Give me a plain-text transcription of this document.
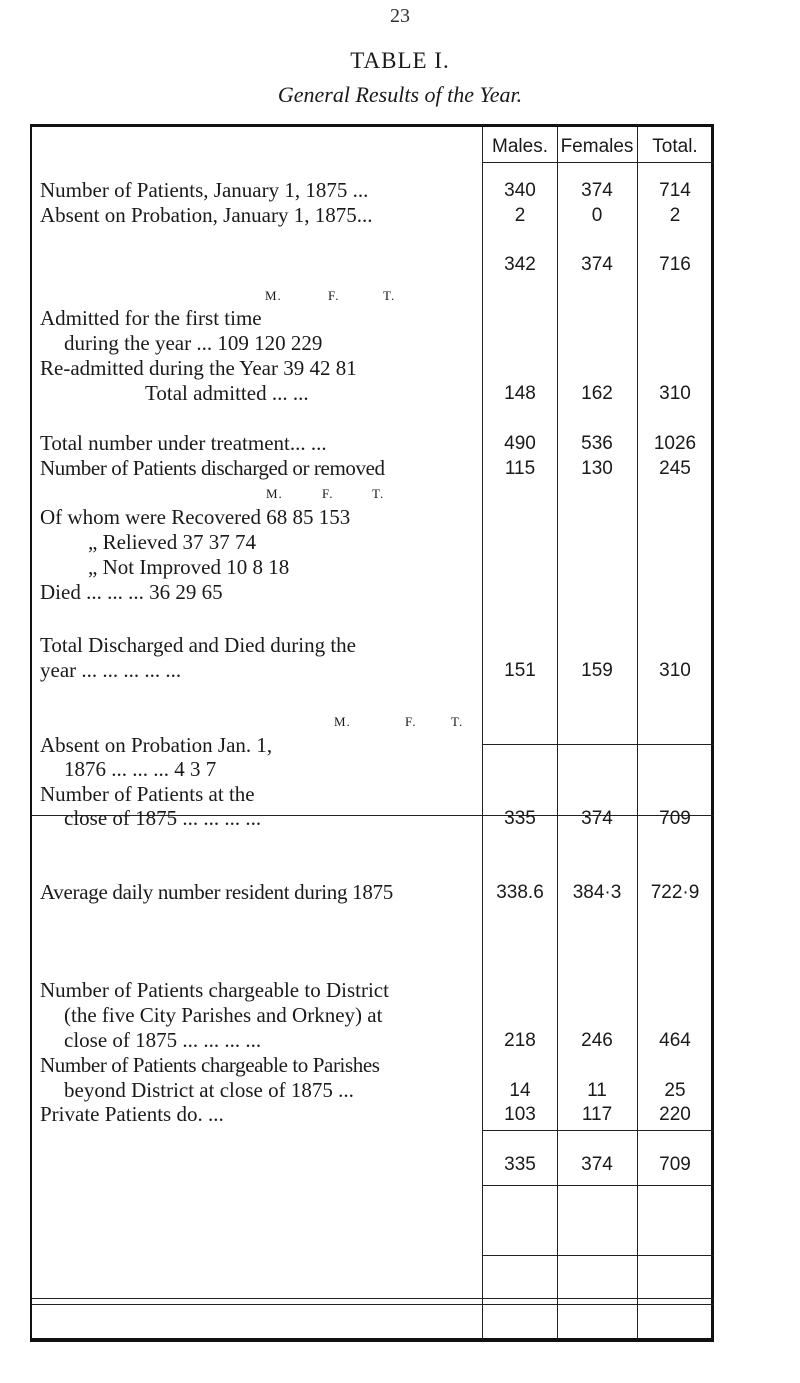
23
TABLE I.
General Results of the Year.
Males. Females Total.
Number of Patients, January 1, 1875 ...	340	374	714
Absent on Probation, January 1, 1875...	2	0	2
342	374	716
M.	F.	T.
Admitted for the first time
during the year ... 109 120 229
Re-admitted during the Year 39 42 81
Total admitted ... ...	148	162	310
Total number under treatment... ...	490	536	1026
Number of Patients discharged or removed	115	130	245
M.	F.	T.
Of whom were Recovered 68 85 153
„ Relieved 37 37 74
„ Not Improved 10 8 18
Died ... ... ... 36 29 65
Total Discharged and Died during the
year ... ... ... ... ...	151	159	310
M.	F.	T.
Absent on Probation Jan. 1,
1876 ... ... ... 4 3 7
Number of Patients at the
close of 1875 ... ... ... ...	335	374	709
Average daily number resident during 1875	338.6	384·3	722·9
Number of Patients chargeable to District
(the five City Parishes and Orkney) at
close of 1875 ... ... ... ...	218	246	464
Number of Patients chargeable to Parishes
beyond District at close of 1875 ...	14	11	25
Private Patients do. ...	103	117	220
335	374	709
